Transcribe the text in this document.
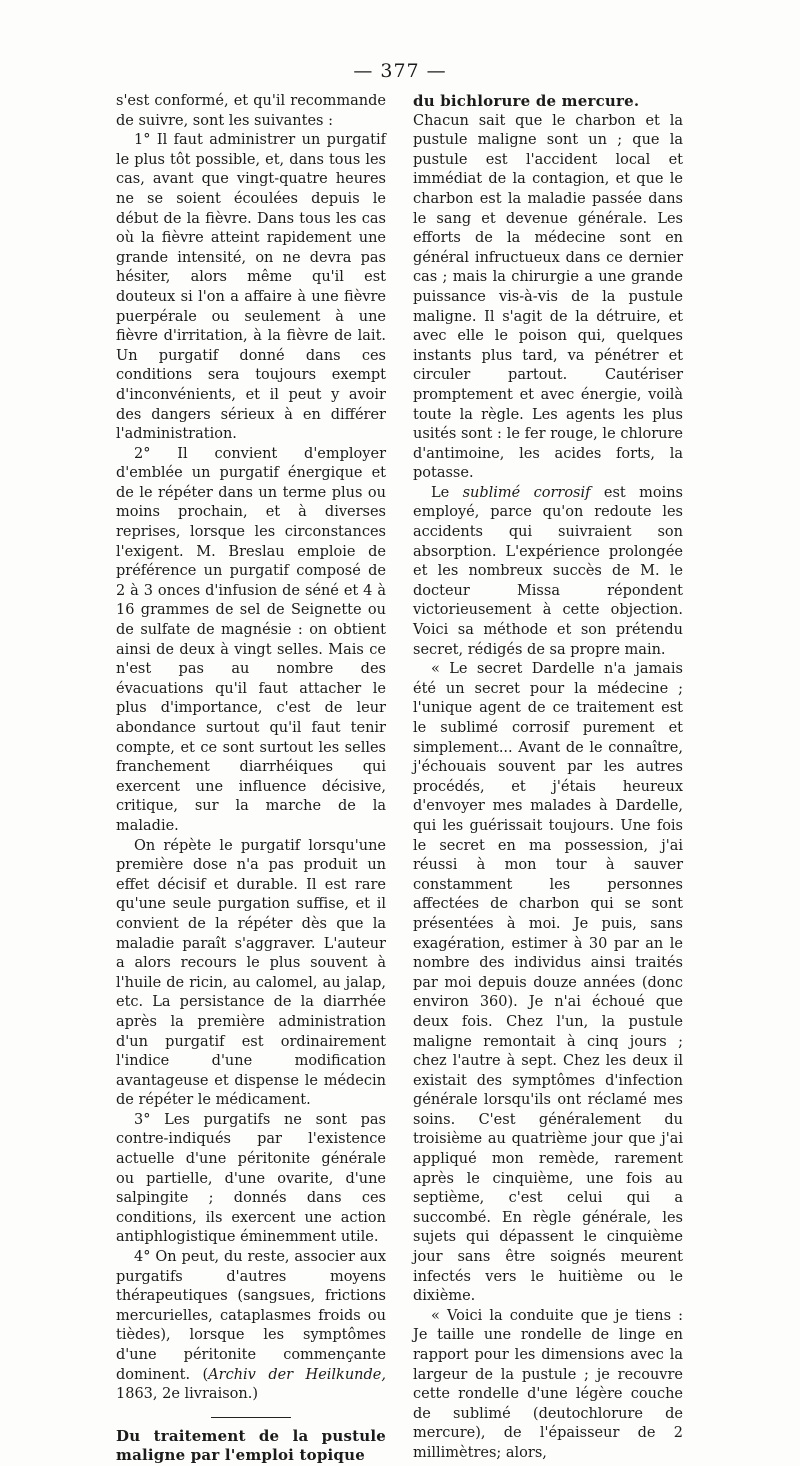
— 377 —

s'est conformé, et qu'il recommande de suivre, sont les suivantes :

1° Il faut administrer un purgatif le plus tôt possible, et, dans tous les cas, avant que vingt-quatre heures ne se soient écoulées depuis le début de la fièvre. Dans tous les cas où la fièvre atteint rapidement une grande intensité, on ne devra pas hésiter, alors même qu'il est douteux si l'on a affaire à une fièvre puerpérale ou seulement à une fièvre d'irritation, à la fièvre de lait. Un purgatif donné dans ces conditions sera toujours exempt d'inconvénients, et il peut y avoir des dangers sérieux à en différer l'administration.

2° Il convient d'employer d'emblée un purgatif énergique et de le répéter dans un terme plus ou moins prochain, et à diverses reprises, lorsque les circonstances l'exigent. M. Breslau emploie de préférence un purgatif composé de 2 à 3 onces d'infusion de séné et 4 à 16 grammes de sel de Seignette ou de sulfate de magnésie : on obtient ainsi de deux à vingt selles. Mais ce n'est pas au nombre des évacuations qu'il faut attacher le plus d'importance, c'est de leur abondance surtout qu'il faut tenir compte, et ce sont surtout les selles franchement diarrhéiques qui exercent une influence décisive, critique, sur la marche de la maladie.

On répète le purgatif lorsqu'une première dose n'a pas produit un effet décisif et durable. Il est rare qu'une seule purgation suffise, et il convient de la répéter dès que la maladie paraît s'aggraver. L'auteur a alors recours le plus souvent à l'huile de ricin, au calomel, au jalap, etc. La persistance de la diarrhée après la première administration d'un purgatif est ordinairement l'indice d'une modification avantageuse et dispense le médecin de répéter le médicament.

3° Les purgatifs ne sont pas contre-indiqués par l'existence actuelle d'une péritonite générale ou partielle, d'une ovarite, d'une salpingite ; donnés dans ces conditions, ils exercent une action antiphlogistique éminemment utile.

4° On peut, du reste, associer aux purgatifs d'autres moyens thérapeutiques (sangsues, frictions mercurielles, cataplasmes froids ou tièdes), lorsque les symptômes d'une péritonite commençante dominent. (Archiv der Heilkunde, 1863, 2e livraison.)

Du traitement de la pustule maligne par l'emploi topique

du bichlorure de mercure.

Chacun sait que le charbon et la pustule maligne sont un ; que la pustule est l'accident local et immédiat de la contagion, et que le charbon est la maladie passée dans le sang et devenue générale. Les efforts de la médecine sont en général infructueux dans ce dernier cas ; mais la chirurgie a une grande puissance vis-à-vis de la pustule maligne. Il s'agit de la détruire, et avec elle le poison qui, quelques instants plus tard, va pénétrer et circuler partout. Cautériser promptement et avec énergie, voilà toute la règle. Les agents les plus usités sont : le fer rouge, le chlorure d'antimoine, les acides forts, la potasse.

Le sublimé corrosif est moins employé, parce qu'on redoute les accidents qui suivraient son absorption. L'expérience prolongée et les nombreux succès de M. le docteur Missa répondent victorieusement à cette objection. Voici sa méthode et son prétendu secret, rédigés de sa propre main.

« Le secret Dardelle n'a jamais été un secret pour la médecine ; l'unique agent de ce traitement est le sublimé corrosif purement et simplement... Avant de le connaître, j'échouais souvent par les autres procédés, et j'étais heureux d'envoyer mes malades à Dardelle, qui les guérissait toujours. Une fois le secret en ma possession, j'ai réussi à mon tour à sauver constamment les personnes affectées de charbon qui se sont présentées à moi. Je puis, sans exagération, estimer à 30 par an le nombre des individus ainsi traités par moi depuis douze années (donc environ 360). Je n'ai échoué que deux fois. Chez l'un, la pustule maligne remontait à cinq jours ; chez l'autre à sept. Chez les deux il existait des symptômes d'infection générale lorsqu'ils ont réclamé mes soins. C'est généralement du troisième au quatrième jour que j'ai appliqué mon remède, rarement après le cinquième, une fois au septième, c'est celui qui a succombé. En règle générale, les sujets qui dépassent le cinquième jour sans être soignés meurent infectés vers le huitième ou le dixième.

« Voici la conduite que je tiens : Je taille une rondelle de linge en rapport pour les dimensions avec la largeur de la pustule ; je recouvre cette rondelle d'une légère couche de sublimé (deutochlorure de mercure), de l'épaisseur de 2 millimètres; alors,
